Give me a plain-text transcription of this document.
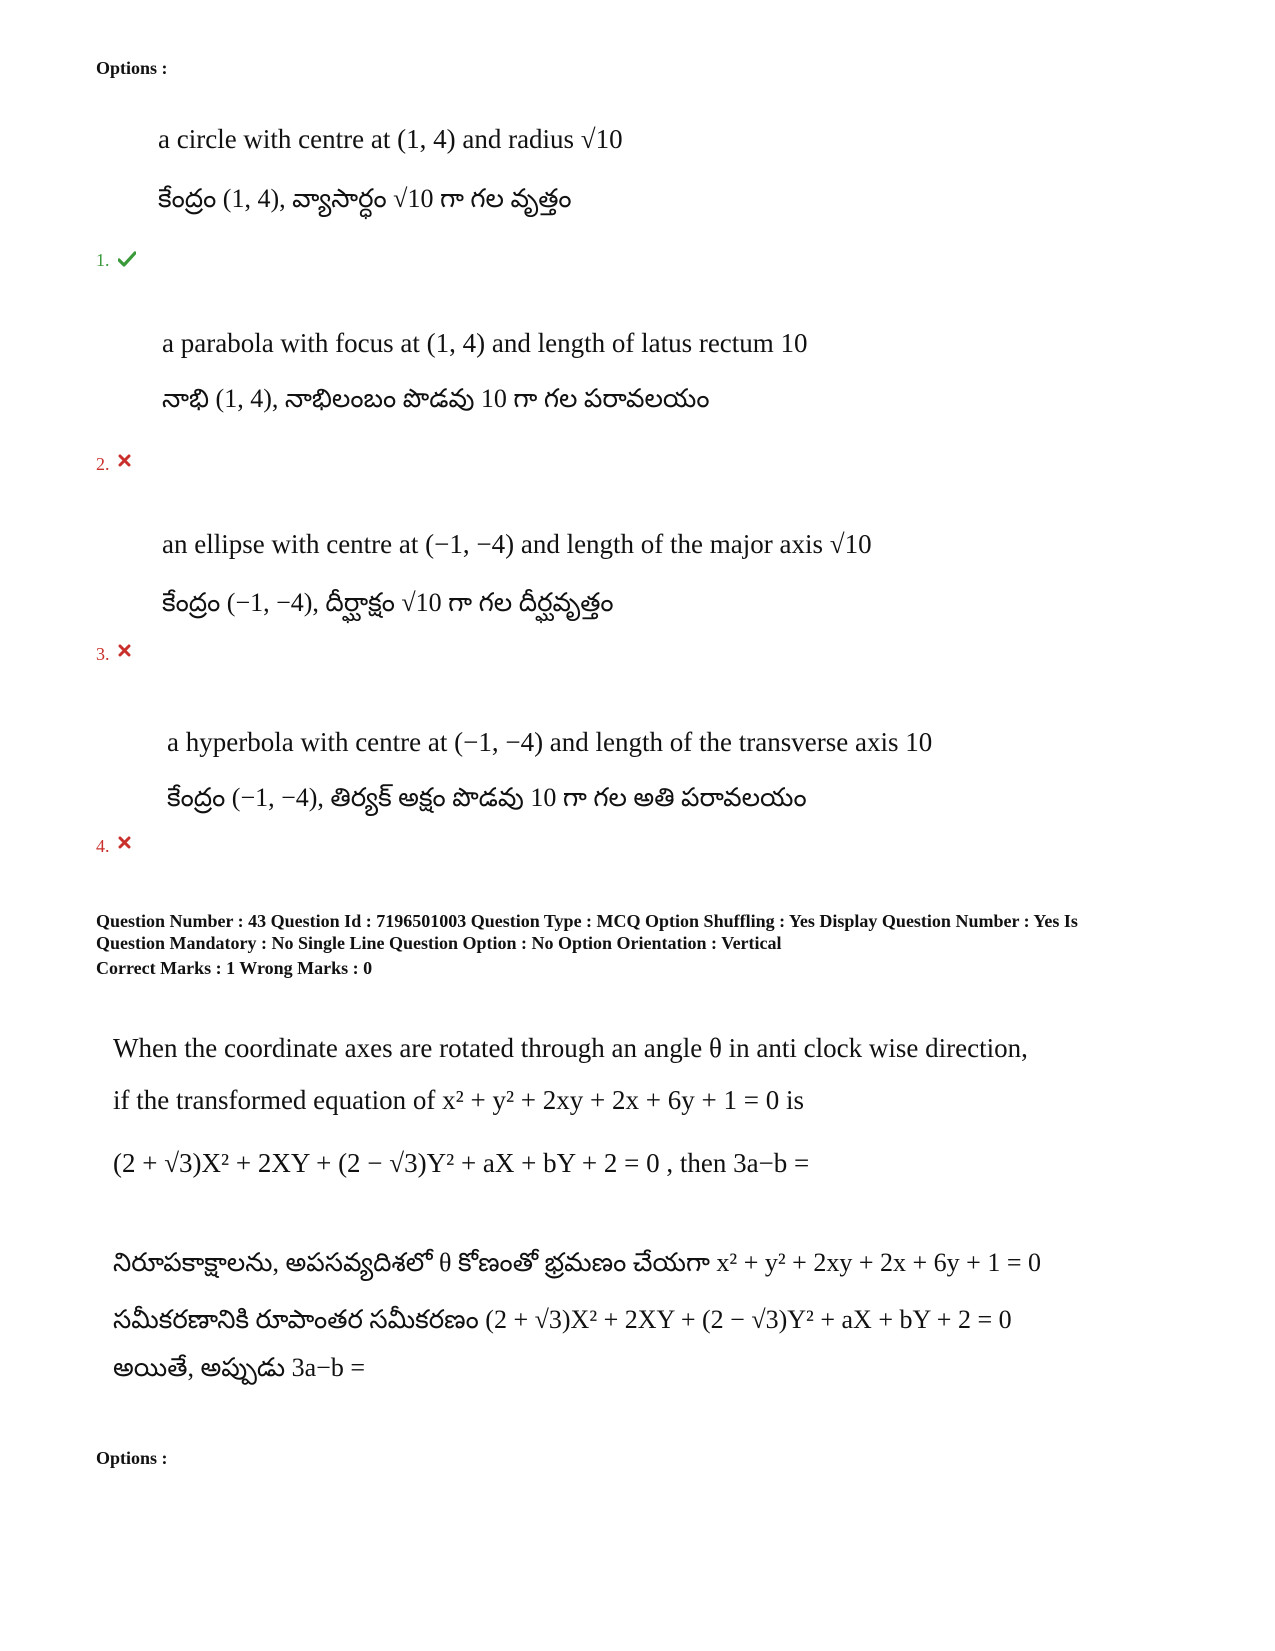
Options :
a circle with centre at (1, 4) and radius √10
కేంద్రం (1, 4), వ్యాసార్ధం √10 గా గల వృత్తం
1.
a parabola with focus at (1, 4) and length of latus rectum 10
నాభి (1, 4), నాభిలంబం పొడవు 10 గా గల పరావలయం
2.
an ellipse with centre at (−1, −4) and length of the major axis √10
కేంద్రం (−1, −4), దీర్ఘాక్షం √10 గా గల దీర్ఘవృత్తం
3.
a hyperbola with centre at (−1, −4) and length of the transverse axis 10
కేంద్రం (−1, −4), తిర్యక్ అక్షం పొడవు 10 గా గల అతి పరావలయం
4.
Question Number : 43 Question Id : 7196501003 Question Type : MCQ Option Shuffling : Yes Display Question Number : Yes Is
Question Mandatory : No Single Line Question Option : No Option Orientation : Vertical
Correct Marks : 1 Wrong Marks : 0
When the coordinate axes are rotated through an angle θ in anti clock wise direction,
if the transformed equation of x² + y² + 2xy + 2x + 6y + 1 = 0 is
(2 + √3)X² + 2XY + (2 − √3)Y² + aX + bY + 2 = 0 , then 3a−b =
నిరూపకాక్షాలను, అపసవ్యదిశలో θ కోణంతో భ్రమణం చేయగా x² + y² + 2xy + 2x + 6y + 1 = 0
సమీకరణానికి రూపాంతర సమీకరణం (2 + √3)X² + 2XY + (2 − √3)Y² + aX + bY + 2 = 0
అయితే, అప్పుడు 3a−b =
Options :
